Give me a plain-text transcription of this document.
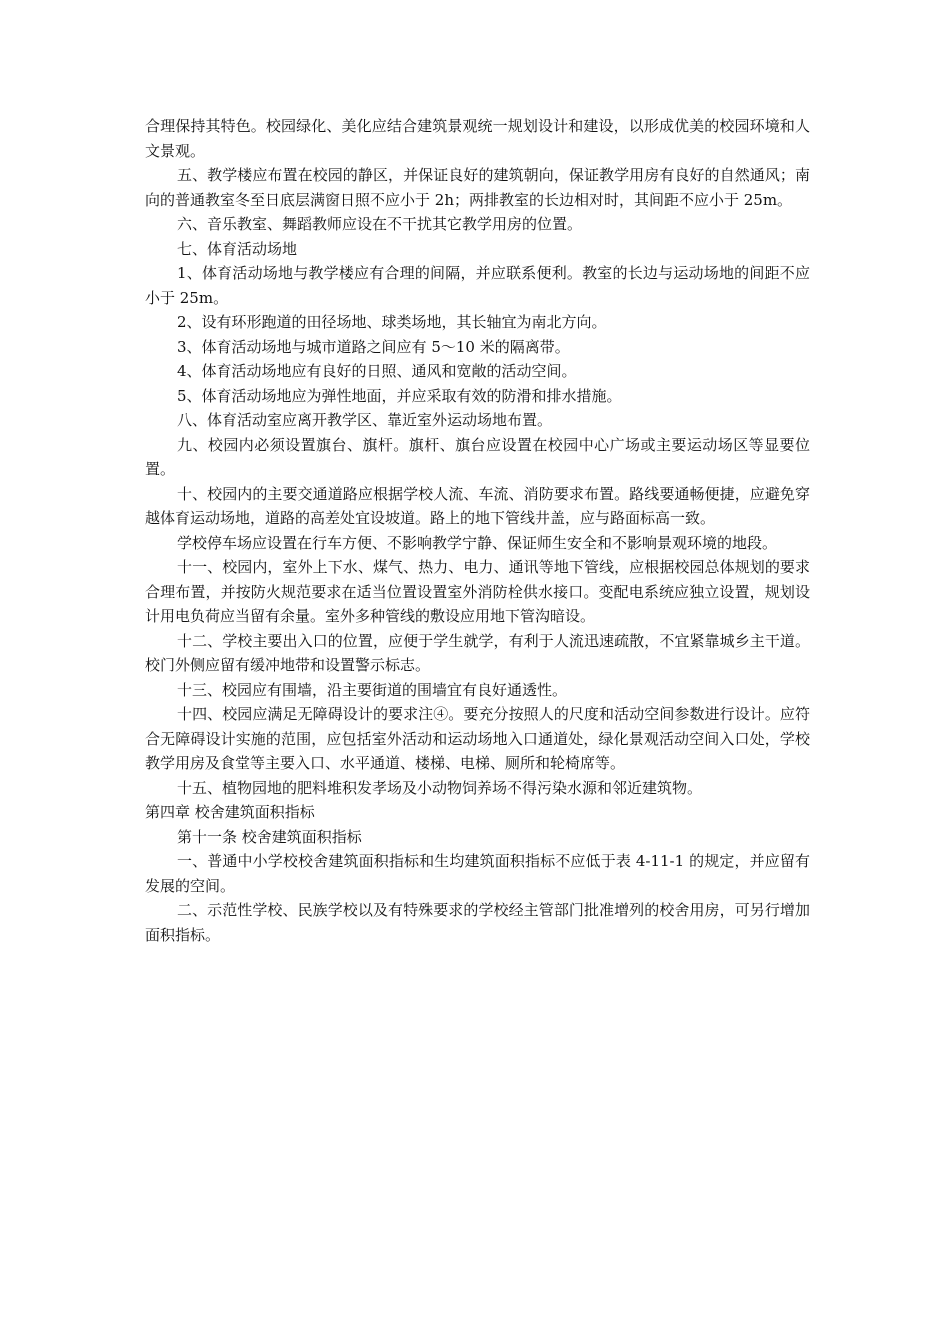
合理保持其特色。校园绿化、美化应结合建筑景观统一规划设计和建设，以形成优美的校园环境和人文景观。

五、教学楼应布置在校园的静区，并保证良好的建筑朝向，保证教学用房有良好的自然通风；南向的普通教室冬至日底层满窗日照不应小于 2h；两排教室的长边相对时，其间距不应小于 25m。

六、音乐教室、舞蹈教师应设在不干扰其它教学用房的位置。

七、体育活动场地

1、体育活动场地与教学楼应有合理的间隔，并应联系便利。教室的长边与运动场地的间距不应小于 25m。

2、设有环形跑道的田径场地、球类场地，其长轴宜为南北方向。

3、体育活动场地与城市道路之间应有 5～10 米的隔离带。

4、体育活动场地应有良好的日照、通风和宽敞的活动空间。

5、体育活动场地应为弹性地面，并应采取有效的防滑和排水措施。

八、体育活动室应离开教学区、靠近室外运动场地布置。

九、校园内必须设置旗台、旗杆。旗杆、旗台应设置在校园中心广场或主要运动场区等显要位置。

十、校园内的主要交通道路应根据学校人流、车流、消防要求布置。路线要通畅便捷，应避免穿越体育运动场地，道路的高差处宜设坡道。路上的地下管线井盖，应与路面标高一致。

学校停车场应设置在行车方便、不影响教学宁静、保证师生安全和不影响景观环境的地段。

十一、校园内，室外上下水、煤气、热力、电力、通讯等地下管线，应根据校园总体规划的要求合理布置，并按防火规范要求在适当位置设置室外消防栓供水接口。变配电系统应独立设置，规划设计用电负荷应当留有余量。室外多种管线的敷设应用地下管沟暗设。

十二、学校主要出入口的位置，应便于学生就学，有利于人流迅速疏散，不宜紧靠城乡主干道。校门外侧应留有缓冲地带和设置警示标志。

十三、校园应有围墙，沿主要街道的围墙宜有良好通透性。

十四、校园应满足无障碍设计的要求注④。要充分按照人的尺度和活动空间参数进行设计。应符合无障碍设计实施的范围，应包括室外活动和运动场地入口通道处，绿化景观活动空间入口处，学校教学用房及食堂等主要入口、水平通道、楼梯、电梯、厕所和轮椅席等。

十五、植物园地的肥料堆积发孝场及小动物饲养场不得污染水源和邻近建筑物。

第四章 校舍建筑面积指标

第十一条 校舍建筑面积指标

一、普通中小学校校舍建筑面积指标和生均建筑面积指标不应低于表 4-11-1 的规定，并应留有发展的空间。

二、示范性学校、民族学校以及有特殊要求的学校经主管部门批准增列的校舍用房，可另行增加面积指标。
